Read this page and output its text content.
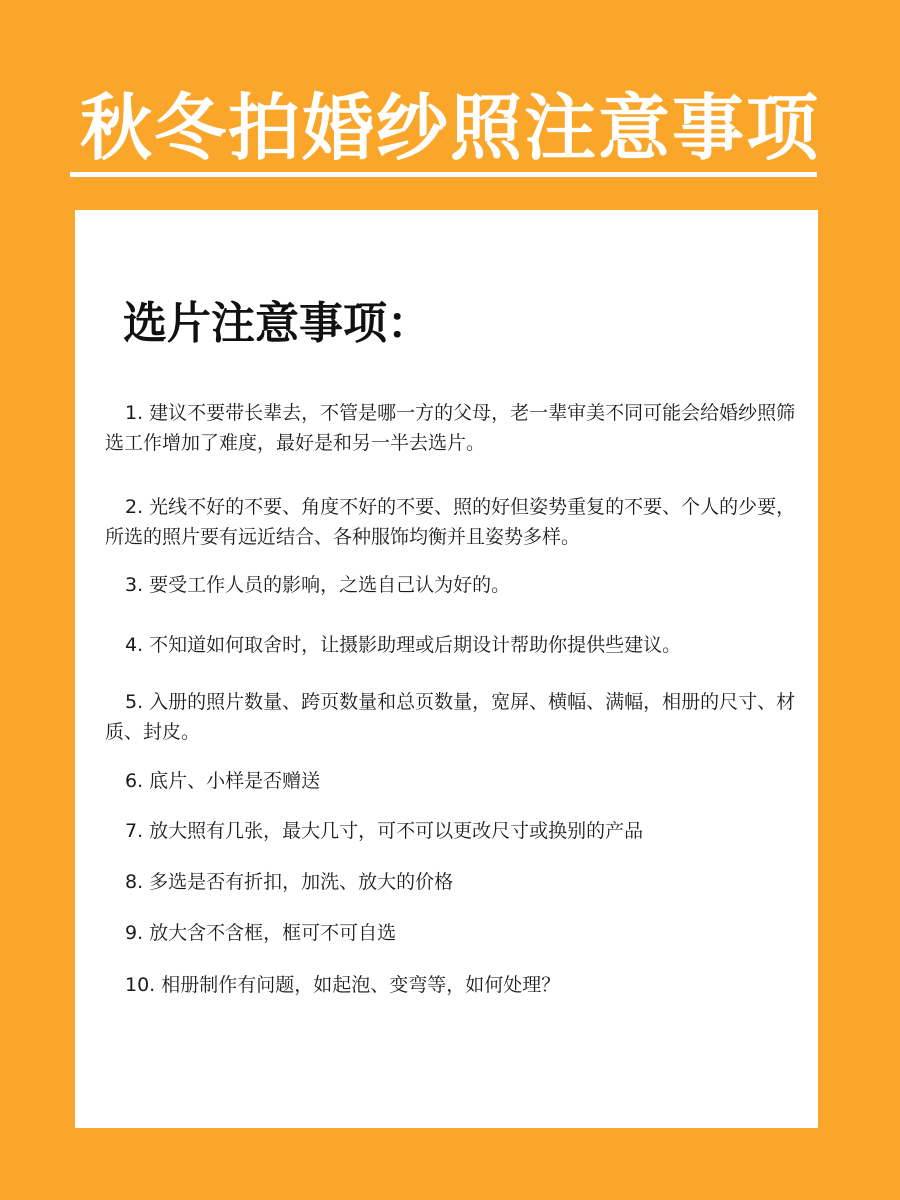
秋冬拍婚纱照注意事项
选片注意事项：
1. 建议不要带长辈去，不管是哪一方的父母，老一辈审美不同可能会给婚纱照筛选工作增加了难度，最好是和另一半去选片。
2. 光线不好的不要、角度不好的不要、照的好但姿势重复的不要、个人的少要，所选的照片要有远近结合、各种服饰均衡并且姿势多样。
3. 要受工作人员的影响，之选自己认为好的。
4. 不知道如何取舍时，让摄影助理或后期设计帮助你提供些建议。
5. 入册的照片数量、跨页数量和总页数量，宽屏、横幅、满幅，相册的尺寸、材质、封皮。
6. 底片、小样是否赠送
7. 放大照有几张，最大几寸，可不可以更改尺寸或换别的产品
8. 多选是否有折扣，加洗、放大的价格
9. 放大含不含框，框可不可自选
10. 相册制作有问题，如起泡、变弯等，如何处理？
